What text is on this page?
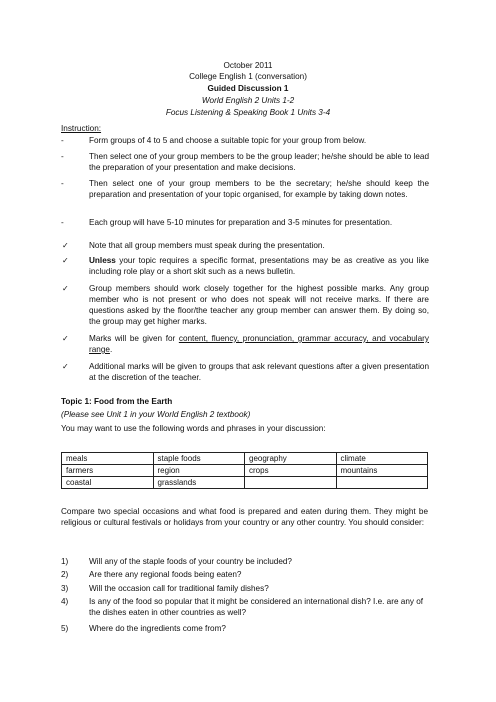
October 2011
College English 1 (conversation)
Guided Discussion 1
World English 2 Units 1-2
Focus Listening & Speaking Book 1 Units 3-4
Instruction:
-	Form groups of 4 to 5 and choose a suitable topic for your group from below.
-	Then select one of your group members to be the group leader; he/she should be able to lead the preparation of your presentation and make decisions.
-	Then select one of your group members to be the secretary; he/she should keep the preparation and presentation of your topic organised, for example by taking down notes.
-	Each group will have 5-10 minutes for preparation and 3-5 minutes for presentation.
✓	Note that all group members must speak during the presentation.
✓	Unless your topic requires a specific format, presentations may be as creative as you like including role play or a short skit such as a news bulletin.
✓	Group members should work closely together for the highest possible marks. Any group member who is not present or who does not speak will not receive marks. If there are questions asked by the floor/the teacher any group member can answer them. By doing so, the group may get higher marks.
✓	Marks will be given for content, fluency, pronunciation, grammar accuracy, and vocabulary range.
✓	Additional marks will be given to groups that ask relevant questions after a given presentation at the discretion of the teacher.
Topic 1: Food from the Earth
(Please see Unit 1 in your World English 2 textbook)
You may want to use the following words and phrases in your discussion:
meals	staple foods	geography	climate
farmers	region	crops	mountains
coastal	grasslands		
Compare two special occasions and what food is prepared and eaten during them. They might be religious or cultural festivals or holidays from your country or any other country. You should consider:
1)	Will any of the staple foods of your country be included?
2)	Are there any regional foods being eaten?
3)	Will the occasion call for traditional family dishes?
4)	Is any of the food so popular that it might be considered an international dish? I.e. are any of the dishes eaten in other countries as well?
5)	Where do the ingredients come from?
